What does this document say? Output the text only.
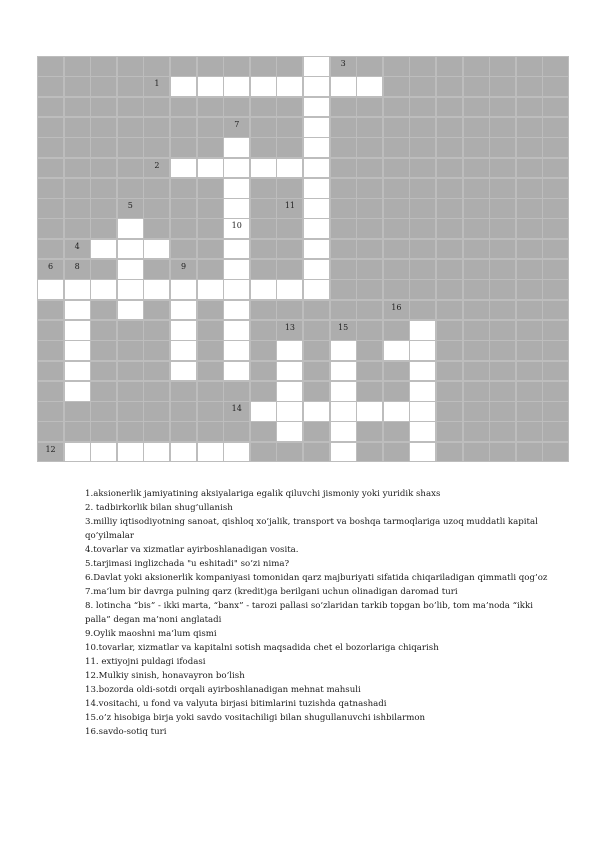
3
1
7
2
5	11
10
4
6	8	9
16
13	15
14
12

1.aksionerlik jamiyatining aksiyalariga egalik qiluvchi jismoniy yoki yuridik shaxs

2. tadbirkorlik bilan shug’ullanish

3.milliy iqtisodiyotning sanoat, qishloq xo’jalik, transport va boshqa tarmoqlariga uzoq muddatli kapital qo’yilmalar

4.tovarlar va xizmatlar ayirboshlanadigan vosita.

5.tarjimasi inglizchada "u eshitadi" so’zi nima?

6.Davlat yoki aksionerlik kompaniyasi tomonidan qarz majburiyati sifatida chiqariladigan qimmatli qog’oz

7.ma’lum bir davrga pulning qarz (kredit)ga berilgani uchun olinadigan daromad turi

8. lotincha “bis” - ikki marta, “banx” - tarozi pallasi so’zlaridan tarkib topgan bo’lib, tom ma’noda “ikki palla” degan ma’noni anglatadi

9.Oylik maoshni ma’lum qismi

10.tovarlar, xizmatlar va kapitalni sotish maqsadida chet el bozorlariga chiqarish

11. extiyojni puldagi ifodasi

12.Mulkiy sinish, honavayron bo’lish

13.bozorda oldi-sotdi orqali ayirboshlanadigan mehnat mahsuli

14.vositachi, u fond va valyuta birjasi bitimlarini tuzishda qatnashadi

15.o’z hisobiga birja yoki savdo vositachiligi bilan shugullanuvchi ishbilarmon

16.savdo-sotiq turi
